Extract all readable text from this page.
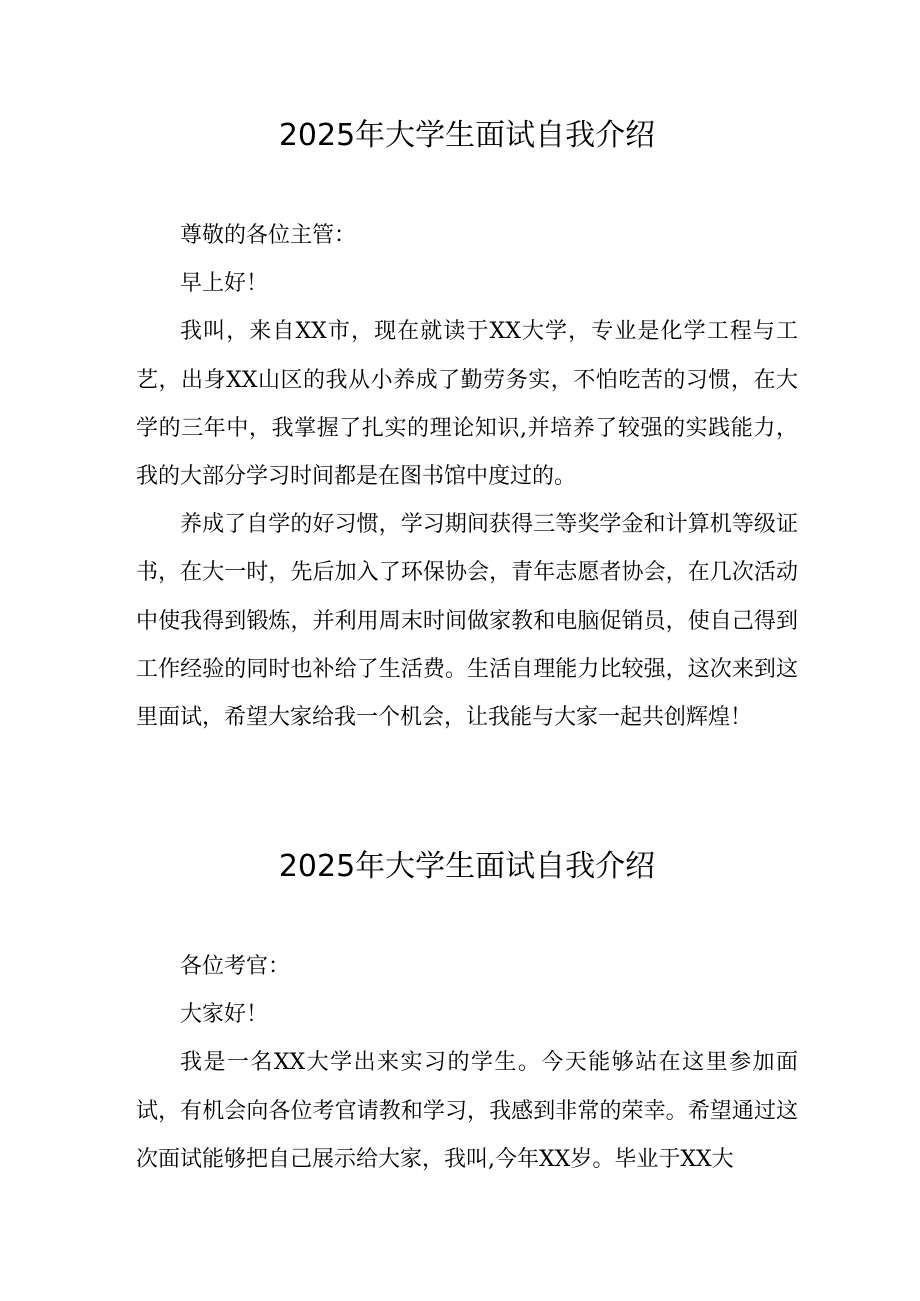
2025年大学生面试自我介绍

尊敬的各位主管：

早上好！

我叫，来自XX市，现在就读于XX大学，专业是化学工程与工艺，出身XX山区的我从小养成了勤劳务实，不怕吃苦的习惯，在大学的三年中，我掌握了扎实的理论知识,并培养了较强的实践能力，我的大部分学习时间都是在图书馆中度过的。

养成了自学的好习惯，学习期间获得三等奖学金和计算机等级证书，在大一时，先后加入了环保协会，青年志愿者协会，在几次活动中使我得到锻炼，并利用周末时间做家教和电脑促销员，使自己得到工作经验的同时也补给了生活费。生活自理能力比较强，这次来到这里面试，希望大家给我一个机会，让我能与大家一起共创辉煌！

2025年大学生面试自我介绍

各位考官：

大家好！

我是一名XX大学出来实习的学生。今天能够站在这里参加面试，有机会向各位考官请教和学习，我感到非常的荣幸。希望通过这次面试能够把自己展示给大家，我叫,今年XX岁。毕业于XX大
